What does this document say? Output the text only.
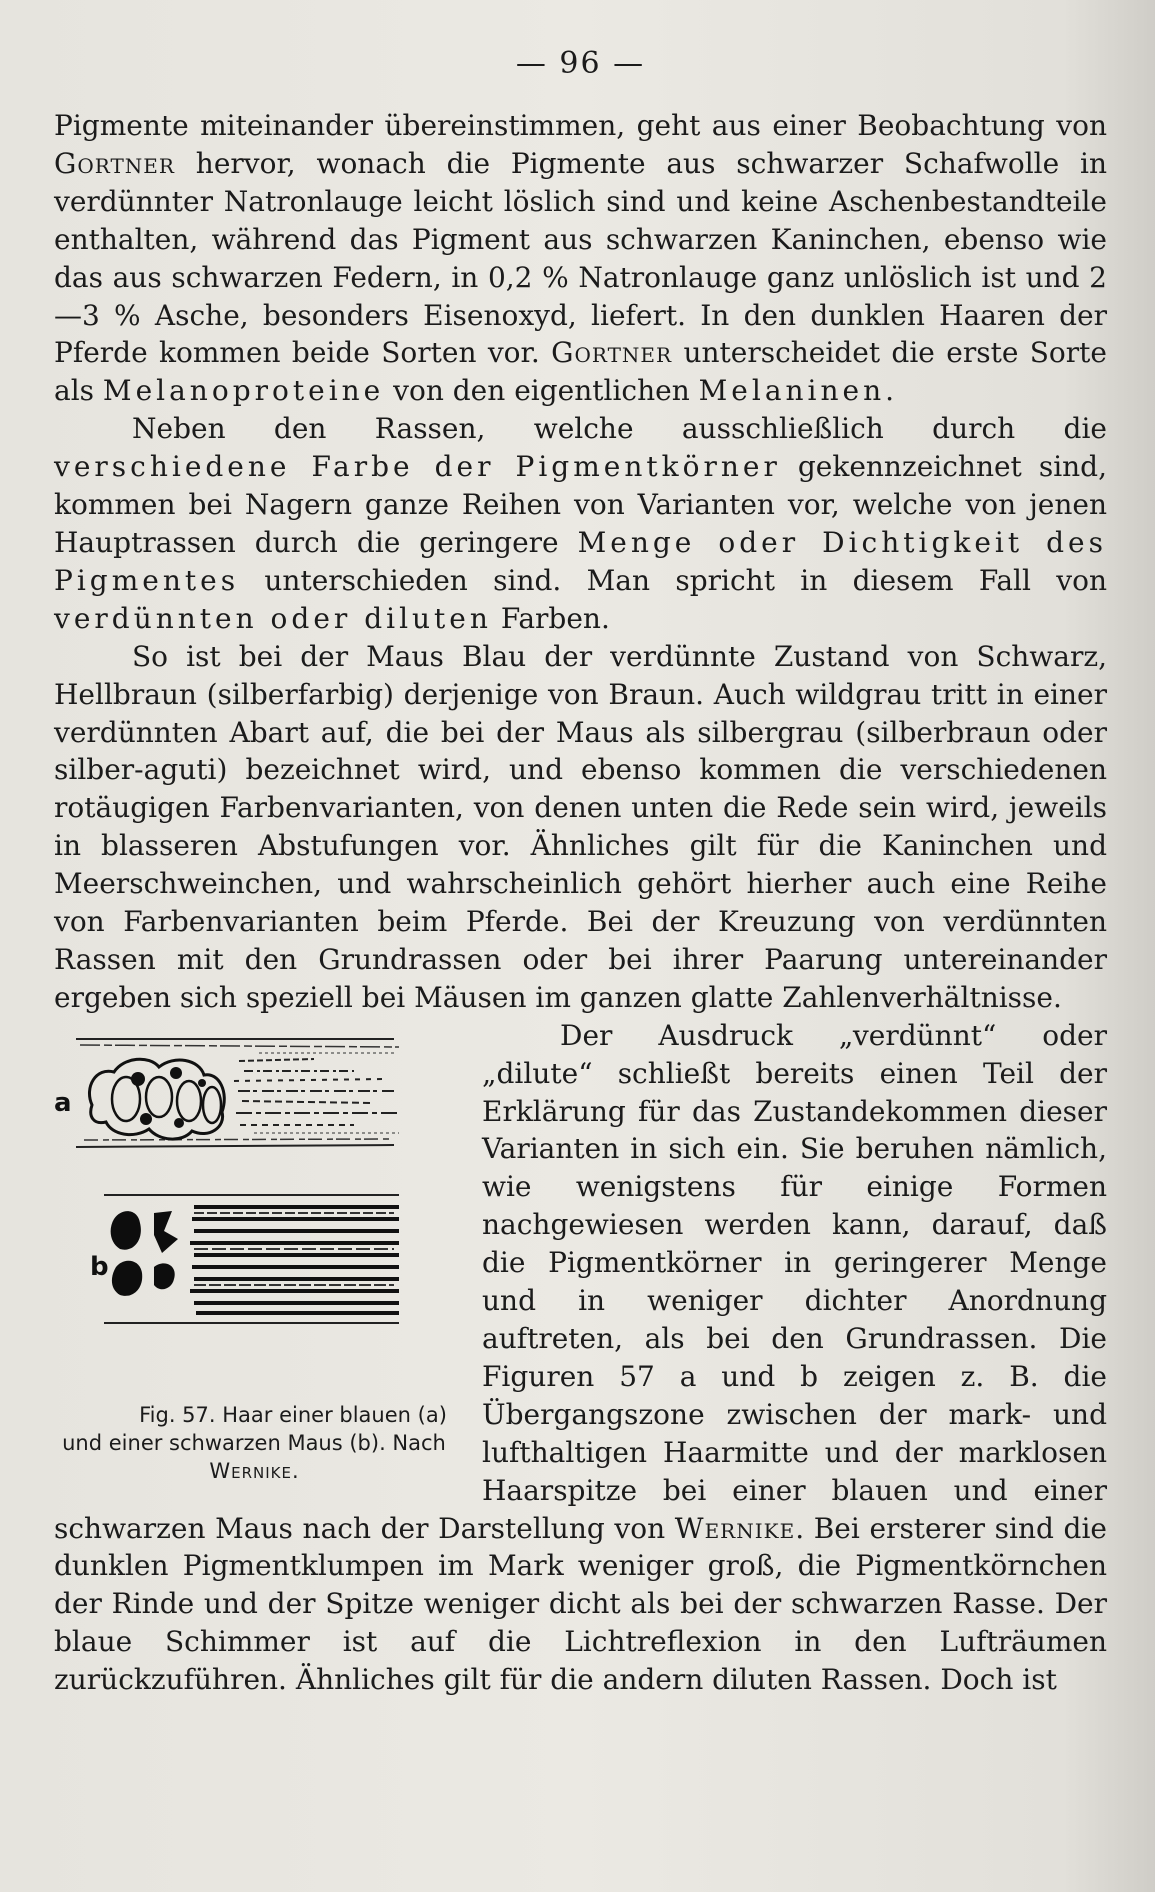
— 96 —

Pigmente miteinander übereinstimmen, geht aus einer Beobachtung von Gortner hervor, wonach die Pigmente aus schwarzer Schafwolle in verdünnter Natronlauge leicht löslich sind und keine Aschenbestandteile enthalten, während das Pigment aus schwarzen Kaninchen, ebenso wie das aus schwarzen Federn, in 0,2 % Natronlauge ganz unlöslich ist und 2—3 % Asche, besonders Eisenoxyd, liefert. In den dunklen Haaren der Pferde kommen beide Sorten vor. Gortner unterscheidet die erste Sorte als Melanoproteine von den eigentlichen Melaninen.

Neben den Rassen, welche ausschließlich durch die verschiedene Farbe der Pigmentkörner gekennzeichnet sind, kommen bei Nagern ganze Reihen von Varianten vor, welche von jenen Hauptrassen durch die geringere Menge oder Dichtigkeit des Pigmentes unterschieden sind. Man spricht in diesem Fall von verdünnten oder diluten Farben.

So ist bei der Maus Blau der verdünnte Zustand von Schwarz, Hellbraun (silberfarbig) derjenige von Braun. Auch wildgrau tritt in einer verdünnten Abart auf, die bei der Maus als silbergrau (silberbraun oder silber-aguti) bezeichnet wird, und ebenso kommen die verschiedenen rotäugigen Farbenvarianten, von denen unten die Rede sein wird, jeweils in blasseren Abstufungen vor. Ähnliches gilt für die Kaninchen und Meerschweinchen, und wahrscheinlich gehört hierher auch eine Reihe von Farbenvarianten beim Pferde. Bei der Kreuzung von verdünnten Rassen mit den Grundrassen oder bei ihrer Paarung untereinander ergeben sich speziell bei Mäusen im ganzen glatte Zahlenverhältnisse.

a
b
Fig. 57. Haar einer blauen (a) und einer schwarzen Maus (b). Nach Wernike.
Der Ausdruck „verdünnt“ oder „dilute“ schließt bereits einen Teil der Erklärung für das Zustandekommen dieser Varianten in sich ein. Sie beruhen nämlich, wie wenigstens für einige Formen nachgewiesen werden kann, darauf, daß die Pigmentkörner in geringerer Menge und in weniger dichter Anordnung auftreten, als bei den Grundrassen. Die Figuren 57 a und b zeigen z. B. die Übergangszone zwischen der mark- und lufthaltigen Haarmitte und der marklosen Haarspitze bei einer blauen und einer schwarzen Maus nach der Darstellung von Wernike. Bei ersterer sind die dunklen Pigmentklumpen im Mark weniger groß, die Pigmentkörnchen der Rinde und der Spitze weniger dicht als bei der schwarzen Rasse. Der blaue Schimmer ist auf die Lichtreflexion in den Lufträumen zurückzuführen. Ähnliches gilt für die andern diluten Rassen. Doch ist
